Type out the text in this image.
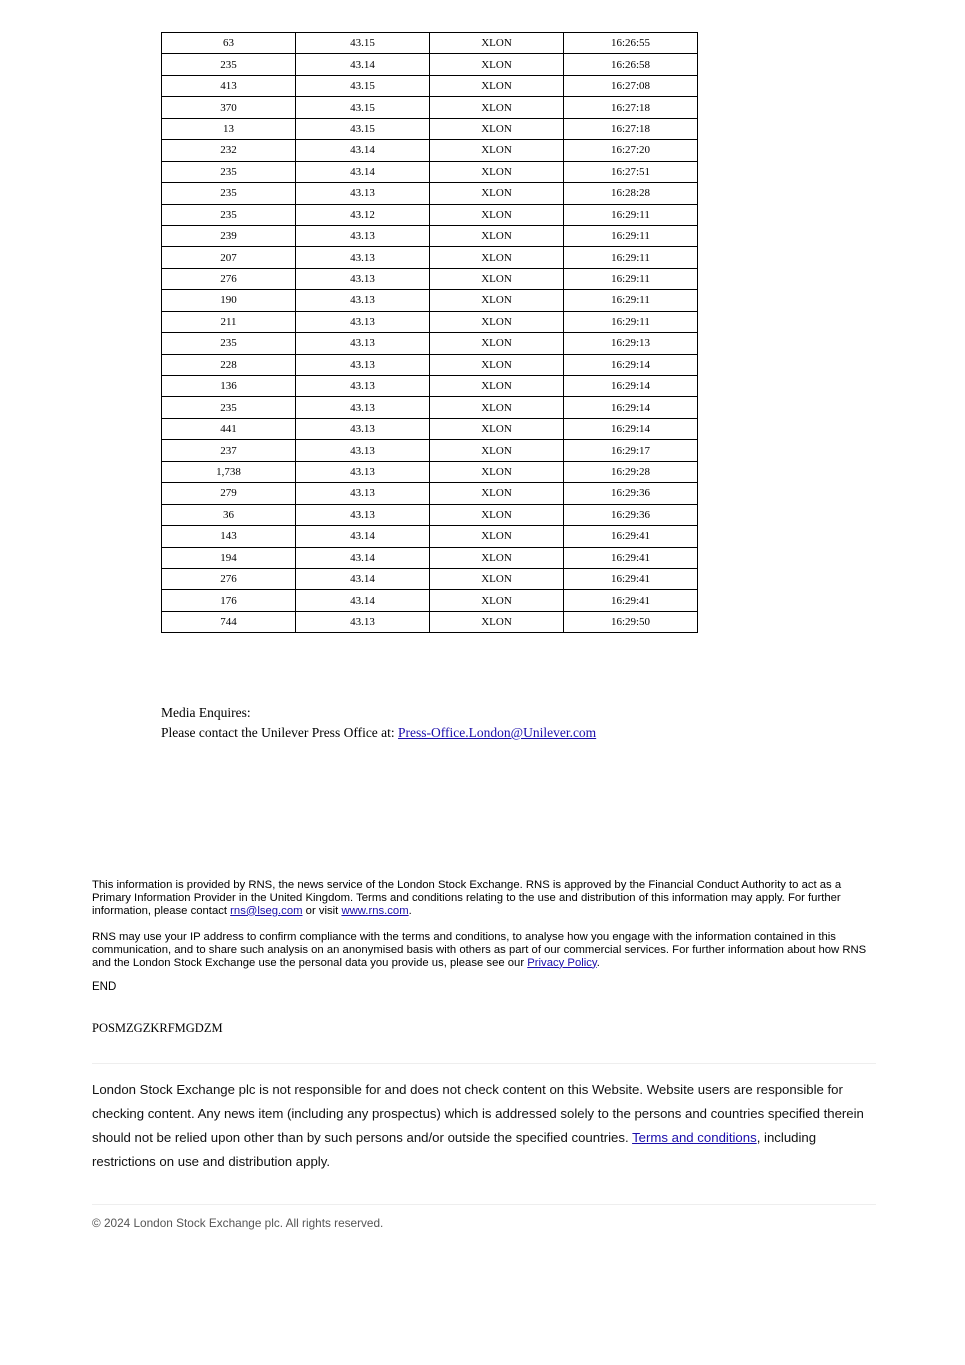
63	43.15	XLON	16:26:55
235	43.14	XLON	16:26:58
413	43.15	XLON	16:27:08
370	43.15	XLON	16:27:18
13	43.15	XLON	16:27:18
232	43.14	XLON	16:27:20
235	43.14	XLON	16:27:51
235	43.13	XLON	16:28:28
235	43.12	XLON	16:29:11
239	43.13	XLON	16:29:11
207	43.13	XLON	16:29:11
276	43.13	XLON	16:29:11
190	43.13	XLON	16:29:11
211	43.13	XLON	16:29:11
235	43.13	XLON	16:29:13
228	43.13	XLON	16:29:14
136	43.13	XLON	16:29:14
235	43.13	XLON	16:29:14
441	43.13	XLON	16:29:14
237	43.13	XLON	16:29:17
1,738	43.13	XLON	16:29:28
279	43.13	XLON	16:29:36
36	43.13	XLON	16:29:36
143	43.14	XLON	16:29:41
194	43.14	XLON	16:29:41
276	43.14	XLON	16:29:41
176	43.14	XLON	16:29:41
744	43.13	XLON	16:29:50
Media Enquires:
Please contact the Unilever Press Office at: Press-Office.London@Unilever.com
This information is provided by RNS, the news service of the London Stock Exchange. RNS is approved by the Financial Conduct Authority to act as a Primary Information Provider in the United Kingdom. Terms and conditions relating to the use and distribution of this information may apply. For further information, please contact rns@lseg.com or visit www.rns.com.
RNS may use your IP address to confirm compliance with the terms and conditions, to analyse how you engage with the information contained in this communication, and to share such analysis on an anonymised basis with others as part of our commercial services. For further information about how RNS and the London Stock Exchange use the personal data you provide us, please see our Privacy Policy.
END
POSMZGZKRFMGDZM
London Stock Exchange plc is not responsible for and does not check content on this Website. Website users are responsible for checking content. Any news item (including any prospectus) which is addressed solely to the persons and countries specified therein should not be relied upon other than by such persons and/or outside the specified countries. Terms and conditions, including restrictions on use and distribution apply.
© 2024 London Stock Exchange plc. All rights reserved.
